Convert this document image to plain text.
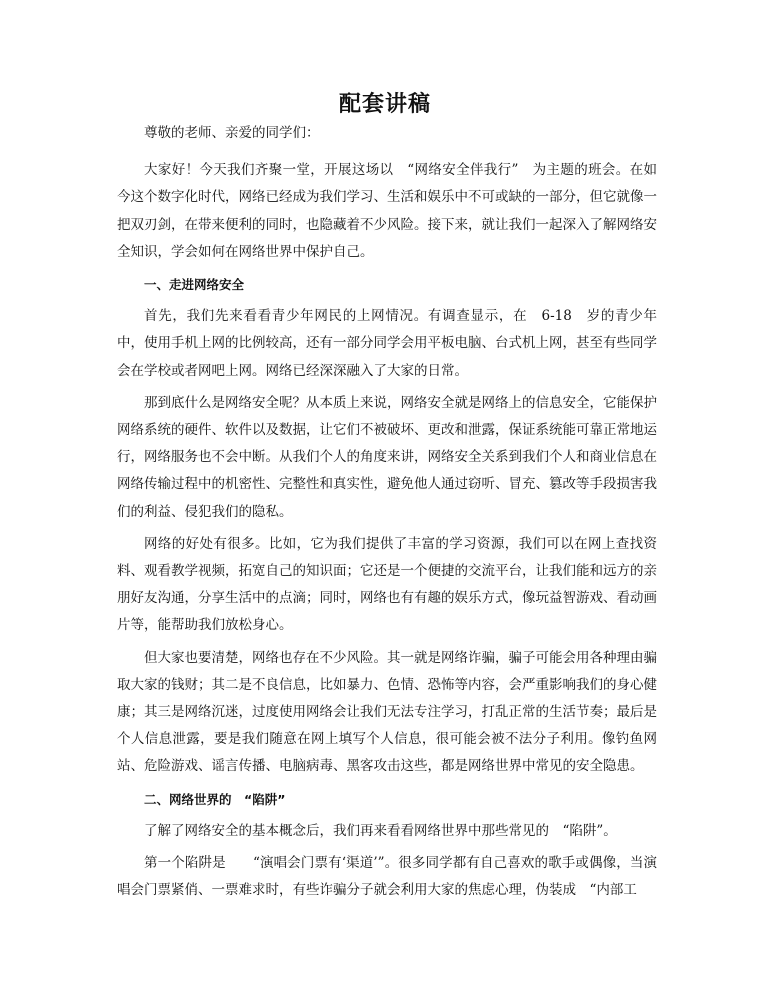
配套讲稿

尊敬的老师、亲爱的同学们：

大家好！今天我们齐聚一堂，开展这场以　“网络安全伴我行”　为主题的班会。在如今这个数字化时代，网络已经成为我们学习、生活和娱乐中不可或缺的一部分，但它就像一把双刃剑，在带来便利的同时，也隐藏着不少风险。接下来，就让我们一起深入了解网络安全知识，学会如何在网络世界中保护自己。

一、走进网络安全

首先，我们先来看看青少年网民的上网情况。有调查显示，在　6-18　岁的青少年中，使用手机上网的比例较高，还有一部分同学会用平板电脑、台式机上网，甚至有些同学会在学校或者网吧上网。网络已经深深融入了大家的日常。

那到底什么是网络安全呢？从本质上来说，网络安全就是网络上的信息安全，它能保护网络系统的硬件、软件以及数据，让它们不被破坏、更改和泄露，保证系统能可靠正常地运行，网络服务也不会中断。从我们个人的角度来讲，网络安全关系到我们个人和商业信息在网络传输过程中的机密性、完整性和真实性，避免他人通过窃听、冒充、篡改等手段损害我们的利益、侵犯我们的隐私。

网络的好处有很多。比如，它为我们提供了丰富的学习资源，我们可以在网上查找资料、观看教学视频，拓宽自己的知识面；它还是一个便捷的交流平台，让我们能和远方的亲朋好友沟通，分享生活中的点滴；同时，网络也有有趣的娱乐方式，像玩益智游戏、看动画片等，能帮助我们放松身心。

但大家也要清楚，网络也存在不少风险。其一就是网络诈骗，骗子可能会用各种理由骗取大家的钱财；其二是不良信息，比如暴力、色情、恐怖等内容，会严重影响我们的身心健康；其三是网络沉迷，过度使用网络会让我们无法专注学习，打乱正常的生活节奏；最后是个人信息泄露，要是我们随意在网上填写个人信息，很可能会被不法分子利用。像钓鱼网站、危险游戏、谣言传播、电脑病毒、黑客攻击这些，都是网络世界中常见的安全隐患。

二、网络世界的　“陷阱”

了解了网络安全的基本概念后，我们再来看看网络世界中那些常见的　“陷阱”。

第一个陷阱是　　“演唱会门票有‘渠道’”。很多同学都有自己喜欢的歌手或偶像，当演唱会门票紧俏、一票难求时，有些诈骗分子就会利用大家的焦虑心理，伪装成　“内部工
